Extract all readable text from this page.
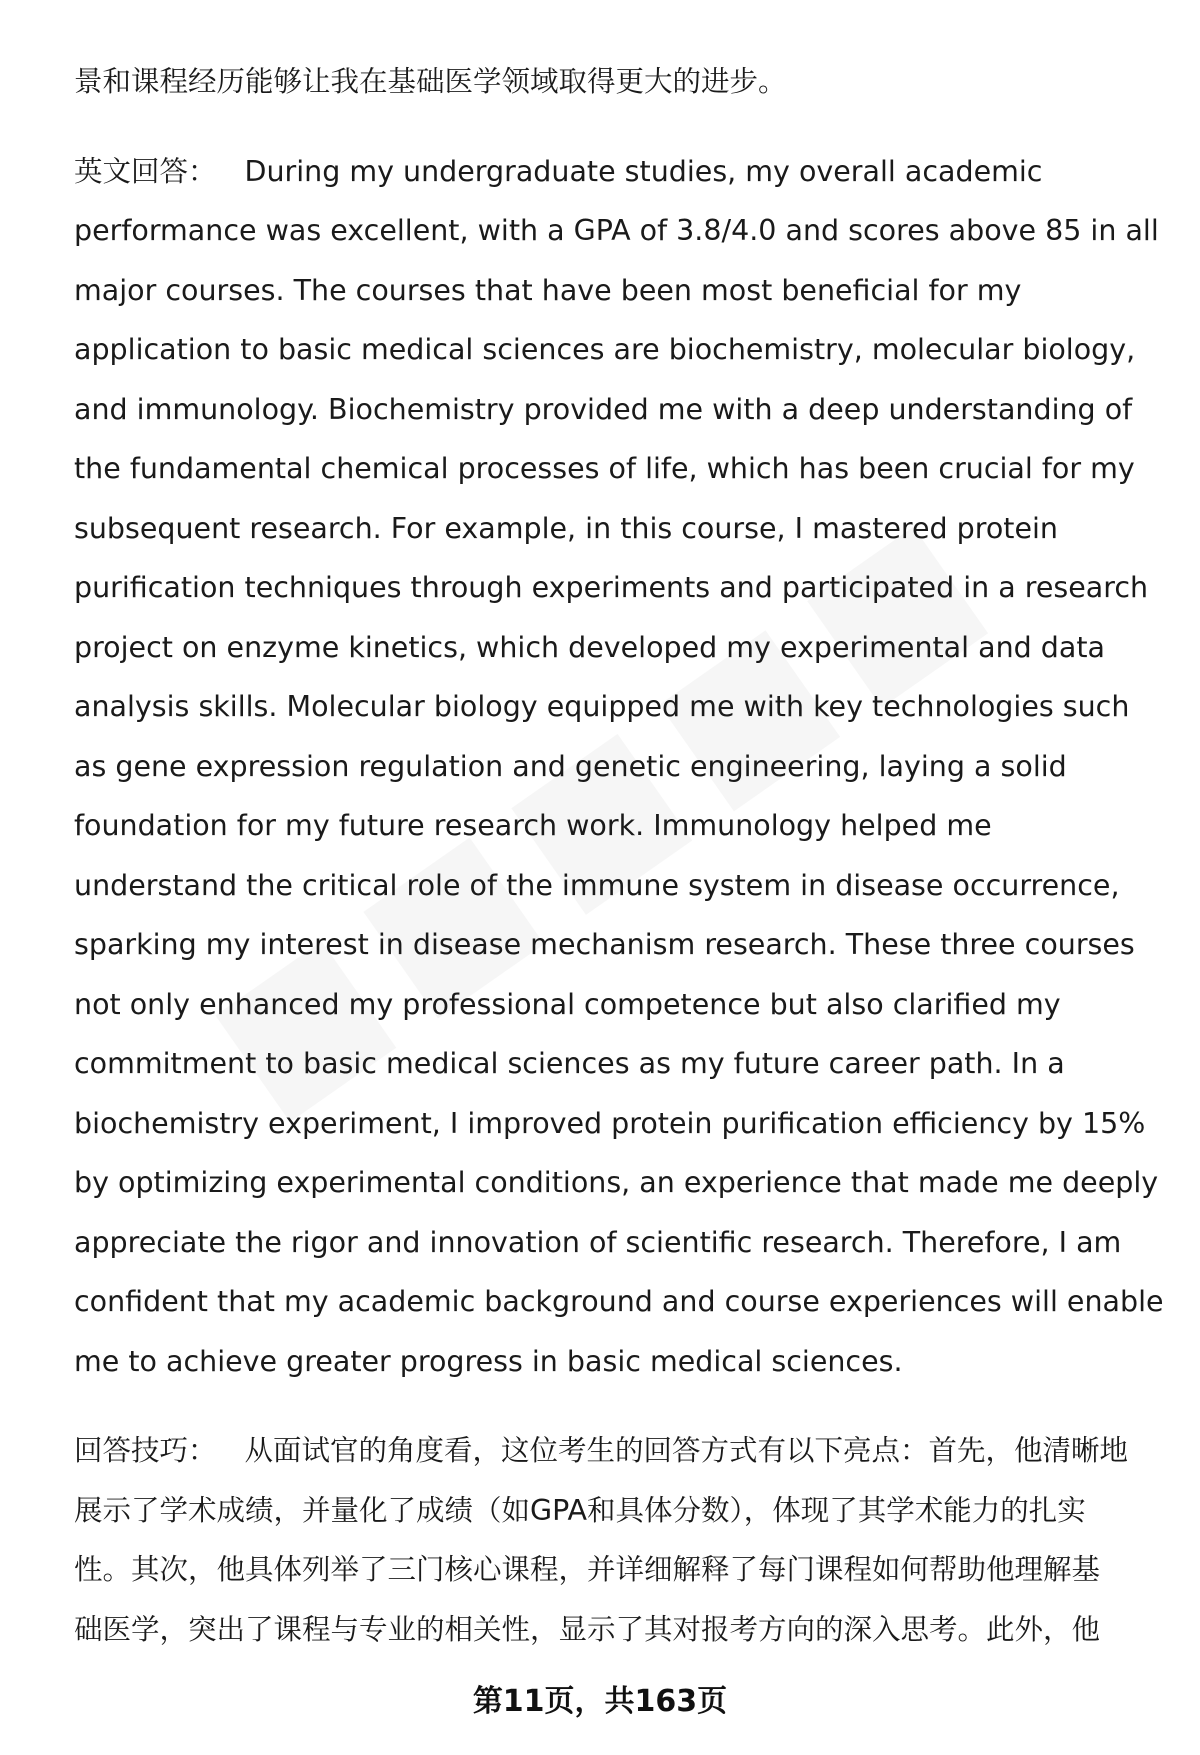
景和课程经历能够让我在基础医学领域取得更大的进步。

英文回答： During my undergraduate studies, my overall academic
performance was excellent, with a GPA of 3.8/4.0 and scores above 85 in all
major courses. The courses that have been most beneficial for my
application to basic medical sciences are biochemistry, molecular biology,
and immunology. Biochemistry provided me with a deep understanding of
the fundamental chemical processes of life, which has been crucial for my
subsequent research. For example, in this course, I mastered protein
purification techniques through experiments and participated in a research
project on enzyme kinetics, which developed my experimental and data
analysis skills. Molecular biology equipped me with key technologies such
as gene expression regulation and genetic engineering, laying a solid
foundation for my future research work. Immunology helped me
understand the critical role of the immune system in disease occurrence,
sparking my interest in disease mechanism research. These three courses
not only enhanced my professional competence but also clarified my
commitment to basic medical sciences as my future career path. In a
biochemistry experiment, I improved protein purification efficiency by 15%
by optimizing experimental conditions, an experience that made me deeply
appreciate the rigor and innovation of scientific research. Therefore, I am
confident that my academic background and course experiences will enable
me to achieve greater progress in basic medical sciences.

回答技巧： 从面试官的角度看，这位考生的回答方式有以下亮点：首先，他清晰地
展示了学术成绩，并量化了成绩（如GPA和具体分数），体现了其学术能力的扎实
性。其次，他具体列举了三门核心课程，并详细解释了每门课程如何帮助他理解基
础医学，突出了课程与专业的相关性，显示了其对报考方向的深入思考。此外，他

第11页，共163页
